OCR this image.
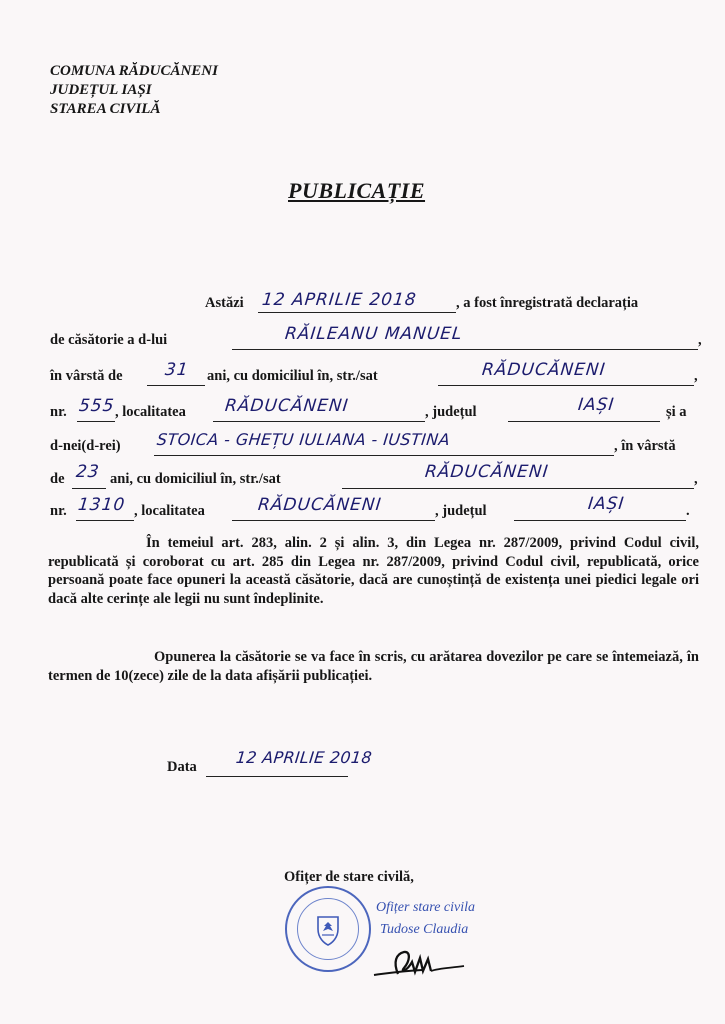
COMUNA RĂDUCĂNENI
JUDEȚUL IAȘI
STAREA CIVILĂ
PUBLICAȚIE
Astăzi 12 APRILIE 2018	, a fost înregistrată declarația
de căsătorie a d-lui	RĂILEANU MANUEL	,
în vârstă de 31 ani, cu domiciliul în, str./sat	RĂDUCĂNENI	,
nr. 555 , localitatea RĂDUCĂNENI	, județul	IAȘI	și a
d-nei(d-rei) STOICA - GHEȚU IULIANA - IUSTINA	, în vârstă
de 23 ani, cu domiciliul în, str./sat	RĂDUCĂNENI	,
nr. 1310 , localitatea	RĂDUCĂNENI	, județul	IAȘI	.
În temeiul art. 283, alin. 2 și alin. 3, din Legea nr. 287/2009, privind Codul civil, republicată și coroborat cu art. 285 din Legea nr. 287/2009, privind Codul civil, republicată, orice persoană poate face opuneri la această căsătorie, dacă are cunoștință de existența unei piedici legale ori dacă alte cerințe ale legii nu sunt îndeplinite.
Opunerea la căsătorie se va face în scris, cu arătarea dovezilor pe care se întemeiază, în termen de 10(zece) zile de la data afișării publicației.
Data 12 APRILIE 2018
Ofițer de stare civilă,
Ofițer stare civila
Tudose Claudia
